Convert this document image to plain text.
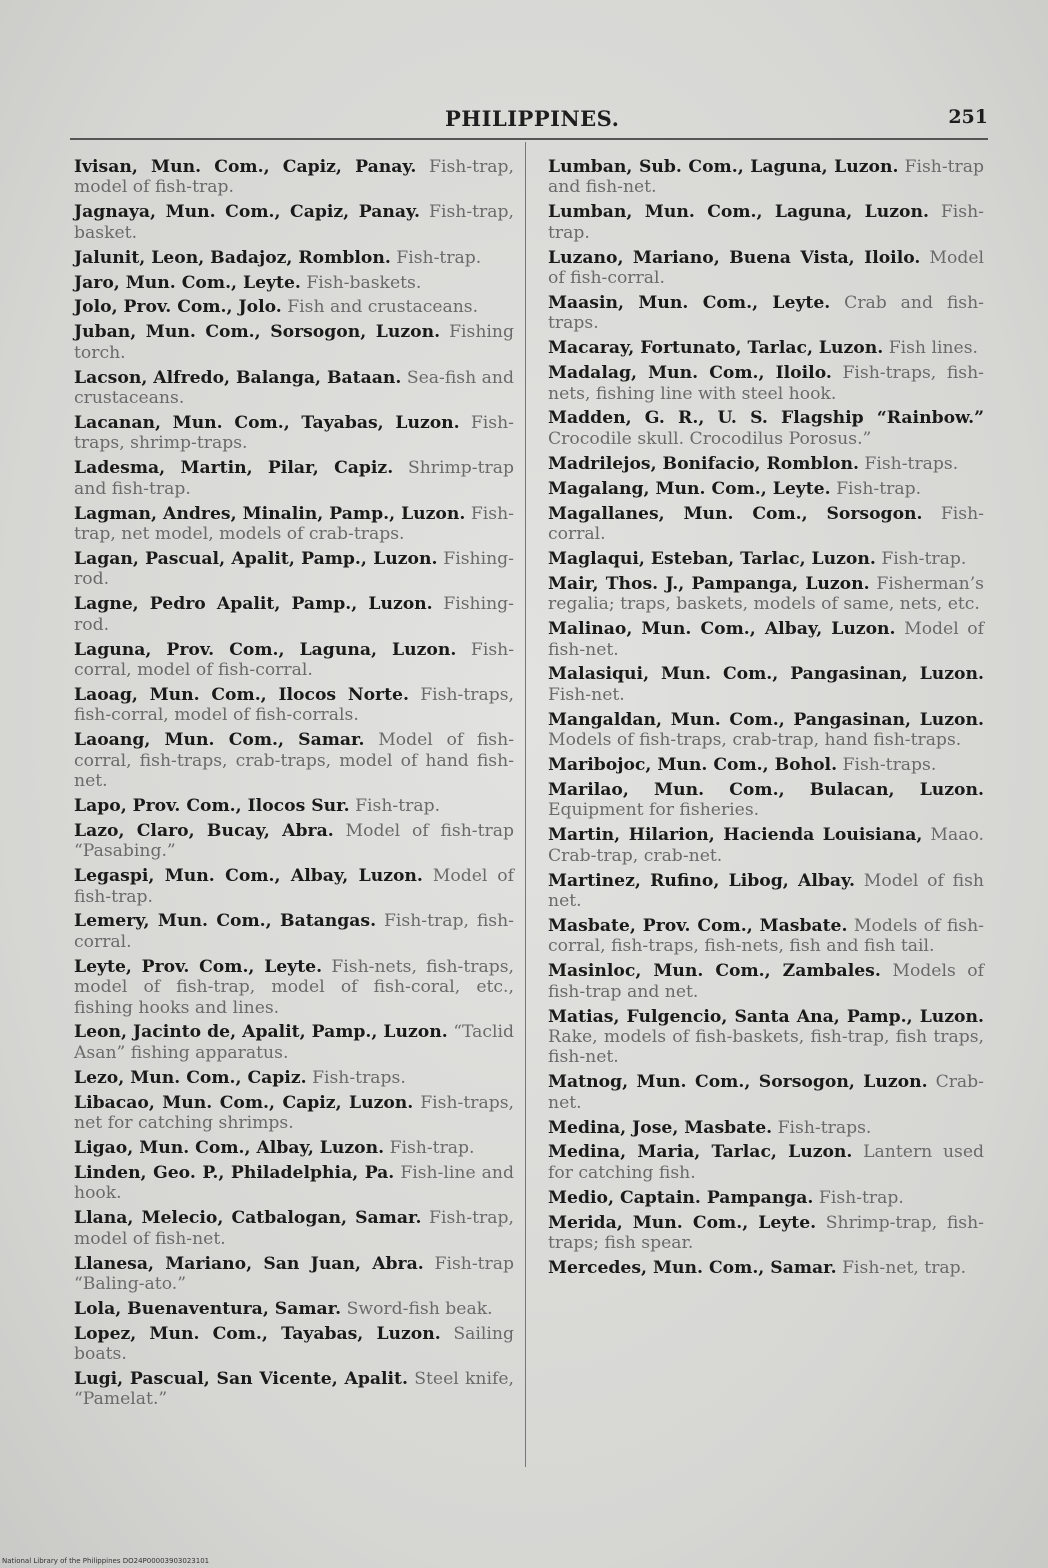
PHILIPPINES.	251

Ivisan, Mun. Com., Capiz, Panay. Fish-trap, model of fish-trap.

Jagnaya, Mun. Com., Capiz, Panay. Fish-trap, basket.

Jalunit, Leon, Badajoz, Romblon. Fish-trap.

Jaro, Mun. Com., Leyte. Fish-baskets.

Jolo, Prov. Com., Jolo. Fish and crustaceans.

Juban, Mun. Com., Sorsogon, Luzon. Fishing torch.

Lacson, Alfredo, Balanga, Bataan. Sea-fish and crustaceans.

Lacanan, Mun. Com., Tayabas, Luzon. Fish-traps, shrimp-traps.

Ladesma, Martin, Pilar, Capiz. Shrimp-trap and fish-trap.

Lagman, Andres, Minalin, Pamp., Luzon. Fish-trap, net model, models of crab-traps.

Lagan, Pascual, Apalit, Pamp., Luzon. Fishing-rod.

Lagne, Pedro Apalit, Pamp., Luzon. Fishing-rod.

Laguna, Prov. Com., Laguna, Luzon. Fish-corral, model of fish-corral.

Laoag, Mun. Com., Ilocos Norte. Fish-traps, fish-corral, model of fish-corrals.

Laoang, Mun. Com., Samar. Model of fish-corral, fish-traps, crab-traps, model of hand fish-net.

Lapo, Prov. Com., Ilocos Sur. Fish-trap.

Lazo, Claro, Bucay, Abra. Model of fish-trap “Pasabing.”

Legaspi, Mun. Com., Albay, Luzon. Model of fish-trap.

Lemery, Mun. Com., Batangas. Fish-trap, fish-corral.

Leyte, Prov. Com., Leyte. Fish-nets, fish-traps, model of fish-trap, model of fish-coral, etc., fishing hooks and lines.

Leon, Jacinto de, Apalit, Pamp., Luzon. “Taclid Asan” fishing apparatus.

Lezo, Mun. Com., Capiz. Fish-traps.

Libacao, Mun. Com., Capiz, Luzon. Fish-traps, net for catching shrimps.

Ligao, Mun. Com., Albay, Luzon. Fish-trap.

Linden, Geo. P., Philadelphia, Pa. Fish-line and hook.

Llana, Melecio, Catbalogan, Samar. Fish-trap, model of fish-net.

Llanesa, Mariano, San Juan, Abra. Fish-trap “Baling-ato.”

Lola, Buenaventura, Samar. Sword-fish beak.

Lopez, Mun. Com., Tayabas, Luzon. Sailing boats.

Lugi, Pascual, San Vicente, Apalit. Steel knife, “Pamelat.”

Lumban, Sub. Com., Laguna, Luzon. Fish-trap and fish-net.

Lumban, Mun. Com., Laguna, Luzon. Fish-trap.

Luzano, Mariano, Buena Vista, Iloilo. Model of fish-corral.

Maasin, Mun. Com., Leyte. Crab and fish-traps.

Macaray, Fortunato, Tarlac, Luzon. Fish lines.

Madalag, Mun. Com., Iloilo. Fish-traps, fish-nets, fishing line with steel hook.

Madden, G. R., U. S. Flagship “Rainbow.” Crocodile skull. Crocodilus Porosus.”

Madrilejos, Bonifacio, Romblon. Fish-traps.

Magalang, Mun. Com., Leyte. Fish-trap.

Magallanes, Mun. Com., Sorsogon. Fish-corral.

Maglaqui, Esteban, Tarlac, Luzon. Fish-trap.

Mair, Thos. J., Pampanga, Luzon. Fisherman’s regalia; traps, baskets, models of same, nets, etc.

Malinao, Mun. Com., Albay, Luzon. Model of fish-net.

Malasiqui, Mun. Com., Pangasinan, Luzon. Fish-net.

Mangaldan, Mun. Com., Pangasinan, Luzon. Models of fish-traps, crab-trap, hand fish-traps.

Maribojoc, Mun. Com., Bohol. Fish-traps.

Marilao, Mun. Com., Bulacan, Luzon. Equipment for fisheries.

Martin, Hilarion, Hacienda Louisiana, Maao. Crab-trap, crab-net.

Martinez, Rufino, Libog, Albay. Model of fish net.

Masbate, Prov. Com., Masbate. Models of fish-corral, fish-traps, fish-nets, fish and fish tail.

Masinloc, Mun. Com., Zambales. Models of fish-trap and net.

Matias, Fulgencio, Santa Ana, Pamp., Luzon. Rake, models of fish-baskets, fish-trap, fish traps, fish-net.

Matnog, Mun. Com., Sorsogon, Luzon. Crab-net.

Medina, Jose, Masbate. Fish-traps.

Medina, Maria, Tarlac, Luzon. Lantern used for catching fish.

Medio, Captain. Pampanga. Fish-trap.

Merida, Mun. Com., Leyte. Shrimp-trap, fish-traps; fish spear.

Mercedes, Mun. Com., Samar. Fish-net, trap.

National Library of the Philippines DO24P00003903023101
